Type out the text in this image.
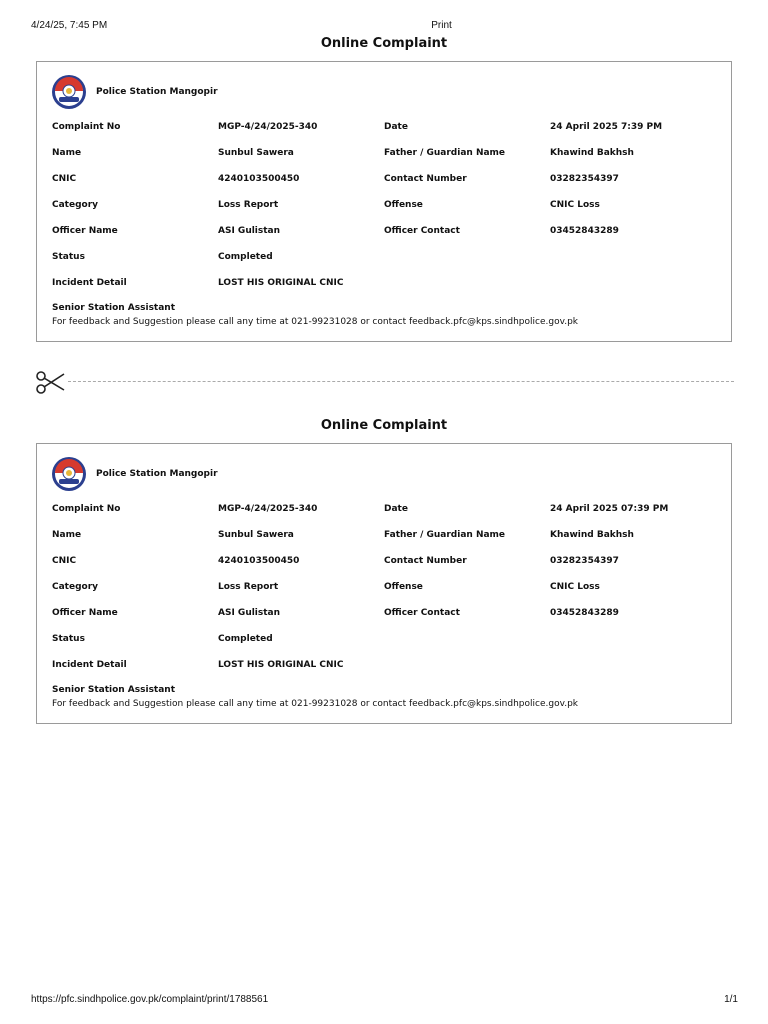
4/24/25, 7:45 PM	Print
Online Complaint
Police Station Mangopir
Complaint No	MGP-4/24/2025-340	Date	24 April 2025 7:39 PM
Name	Sunbul Sawera	Father / Guardian Name	Khawind Bakhsh
CNIC	4240103500450	Contact Number	03282354397
Category	Loss Report	Offense	CNIC Loss
Officer Name	ASI Gulistan	Officer Contact	03452843289
Status	Completed
Incident Detail	LOST HIS ORIGINAL CNIC
Senior Station Assistant
For feedback and Suggestion please call any time at 021-99231028 or contact feedback.pfc@kps.sindhpolice.gov.pk
Online Complaint
Police Station Mangopir
Complaint No	MGP-4/24/2025-340	Date	24 April 2025 07:39 PM
Name	Sunbul Sawera	Father / Guardian Name	Khawind Bakhsh
CNIC	4240103500450	Contact Number	03282354397
Category	Loss Report	Offense	CNIC Loss
Officer Name	ASI Gulistan	Officer Contact	03452843289
Status	Completed
Incident Detail	LOST HIS ORIGINAL CNIC
Senior Station Assistant
For feedback and Suggestion please call any time at 021-99231028 or contact feedback.pfc@kps.sindhpolice.gov.pk
https://pfc.sindhpolice.gov.pk/complaint/print/1788561	1/1
